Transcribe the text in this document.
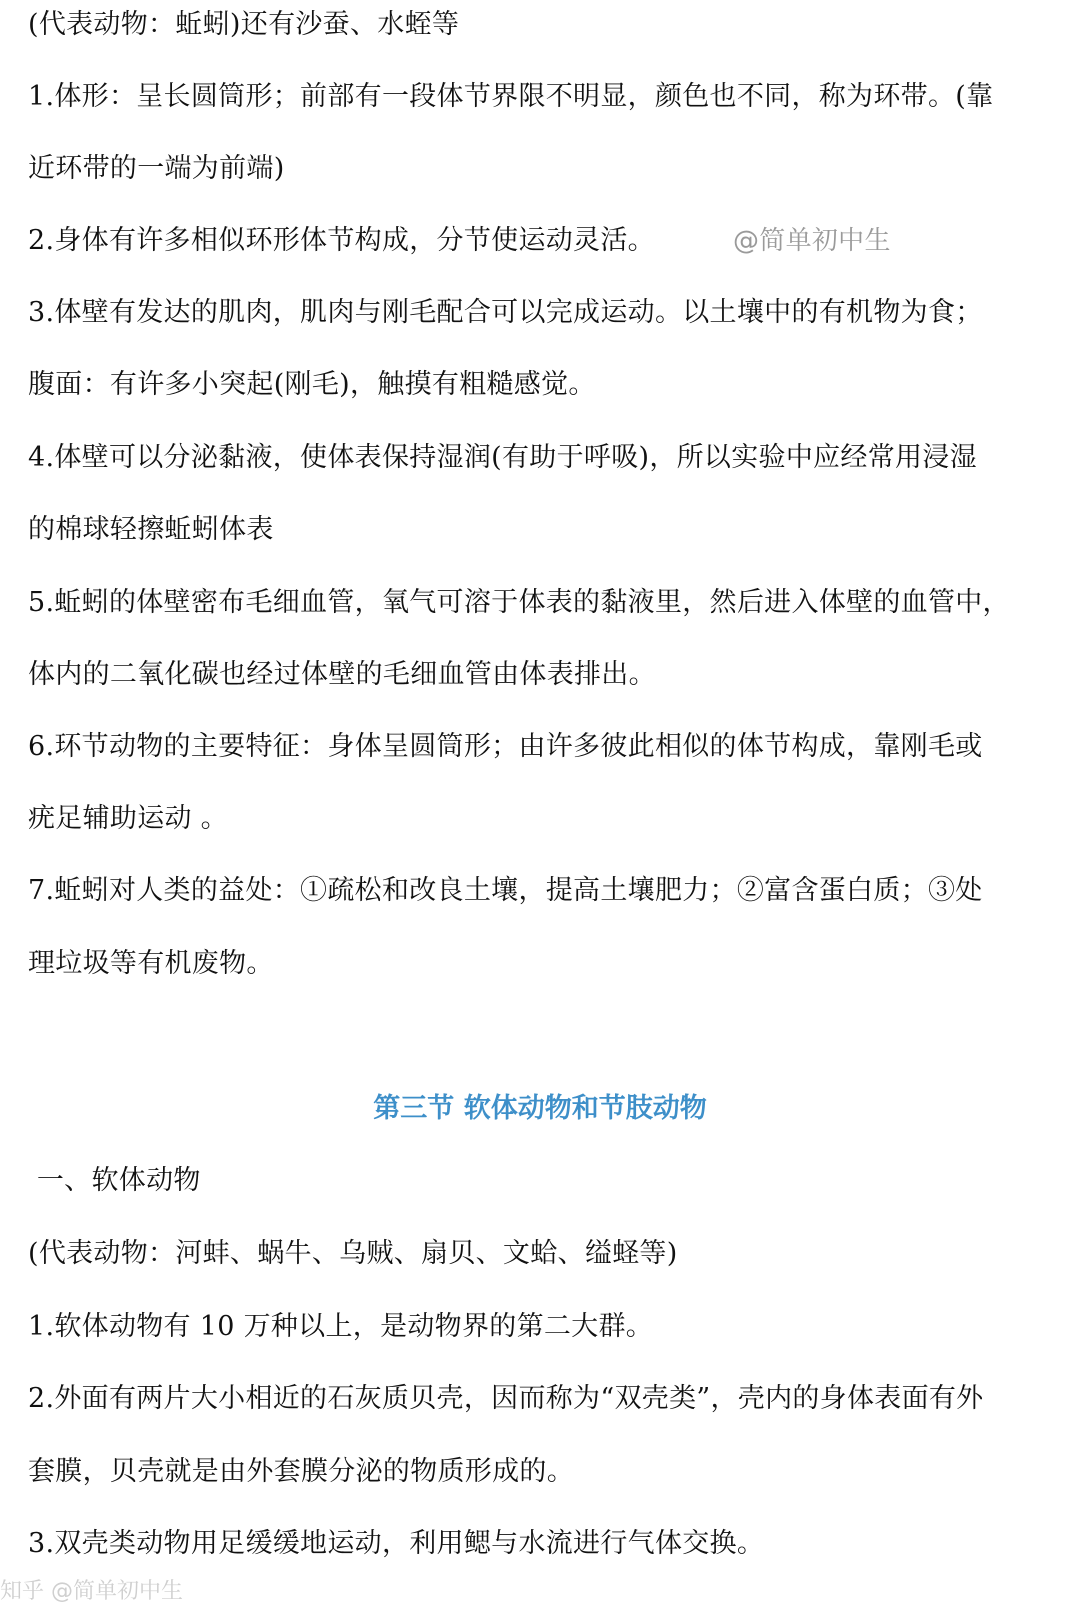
(代表动物：蚯蚓)还有沙蚕、水蛭等
1.体形：呈长圆筒形；前部有一段体节界限不明显，颜色也不同，称为环带。(靠
近环带的一端为前端)
2.身体有许多相似环形体节构成，分节使运动灵活。	@简单初中生
3.体壁有发达的肌肉，肌肉与刚毛配合可以完成运动。以土壤中的有机物为食；
腹面：有许多小突起(刚毛)，触摸有粗糙感觉。
4.体壁可以分泌黏液，使体表保持湿润(有助于呼吸)，所以实验中应经常用浸湿
的棉球轻擦蚯蚓体表
5.蚯蚓的体壁密布毛细血管，氧气可溶于体表的黏液里，然后进入体壁的血管中，
体内的二氧化碳也经过体壁的毛细血管由体表排出。
6.环节动物的主要特征：身体呈圆筒形；由许多彼此相似的体节构成，靠刚毛或
疣足辅助运动 。
7.蚯蚓对人类的益处：①疏松和改良土壤，提高土壤肥力；②富含蛋白质；③处
理垃圾等有机废物。
第三节 软体动物和节肢动物
一、软体动物
(代表动物：河蚌、蜗牛、乌贼、扇贝、文蛤、缢蛏等)
1.软体动物有 10 万种以上，是动物界的第二大群。
2.外面有两片大小相近的石灰质贝壳，因而称为“双壳类”，壳内的身体表面有外
套膜，贝壳就是由外套膜分泌的物质形成的。
3.双壳类动物用足缓缓地运动，利用鳃与水流进行气体交换。
知乎 @简单初中生
